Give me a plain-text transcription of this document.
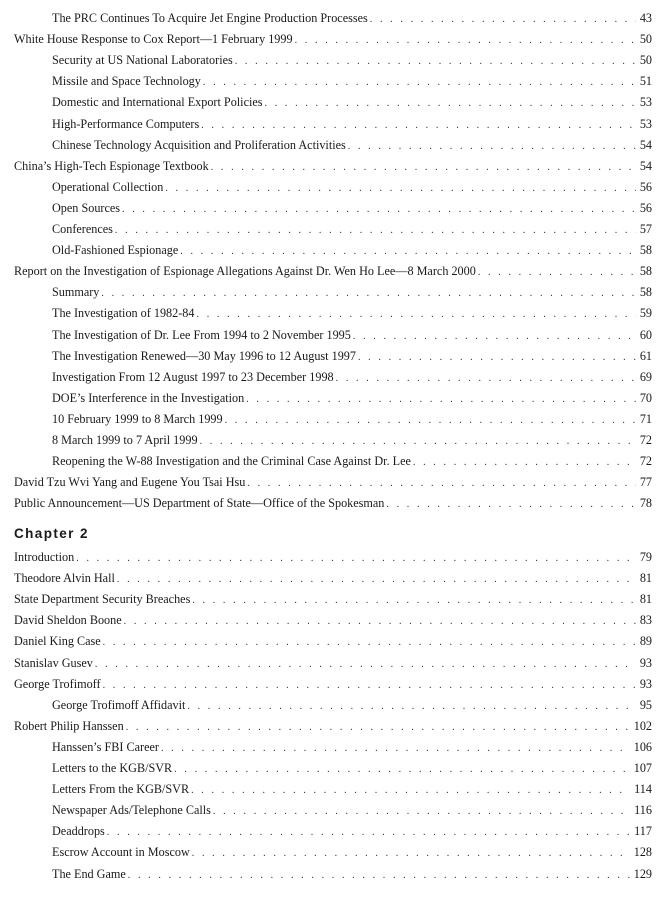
The PRC Continues To Acquire Jet Engine Production Processes . . .	43
White House Response to Cox Report—1 February 1999 . . .	50
Security at US National Laboratories . . .	50
Missile and Space Technology . . .	51
Domestic and International Export Policies . . .	53
High-Performance Computers . . .	53
Chinese Technology Acquisition and Proliferation Activities . . .	54
China’s High-Tech Espionage Textbook . . .	54
Operational Collection . . .	56
Open Sources . . .	56
Conferences . . .	57
Old-Fashioned Espionage . . .	58
Report on the Investigation of Espionage Allegations Against Dr. Wen Ho Lee—8 March 2000 . . .	58
Summary . . .	58
The Investigation of 1982-84 . . .	59
The Investigation of Dr. Lee From 1994 to 2 November 1995 . . .	60
The Investigation Renewed—30 May 1996 to 12 August 1997 . . .	61
Investigation From 12 August 1997 to 23 December 1998 . . .	69
DOE’s Interference in the Investigation . . .	70
10 February 1999 to 8 March 1999 . . .	71
8 March 1999 to 7 April 1999 . . .	72
Reopening the W-88 Investigation and the Criminal Case Against Dr. Lee . . .	72
David Tzu Wvi Yang and Eugene You Tsai Hsu . . .	77
Public Announcement—US Department of State—Office of the Spokesman . . .	78
Chapter 2
Introduction . . .	79
Theodore Alvin Hall . . .	81
State Department Security Breaches . . .	81
David Sheldon Boone . . .	83
Daniel King Case . . .	89
Stanislav Gusev . . .	93
George Trofimoff . . .	93
George Trofimoff Affidavit . . .	95
Robert Philip Hanssen . . .	102
Hanssen’s FBI Career . . .	106
Letters to the KGB/SVR . . .	107
Letters From the KGB/SVR . . .	114
Newspaper Ads/Telephone Calls . . .	116
Deaddrops . . .	117
Escrow Account in Moscow . . .	128
The End Game . . .	129
